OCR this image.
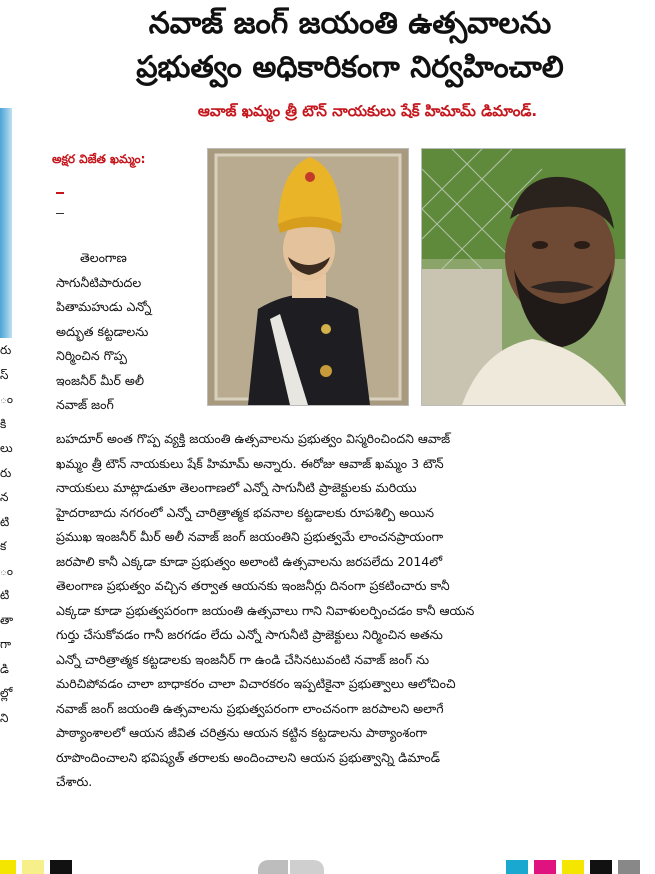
నవాజ్ జంగ్ జయంతి ఉత్సవాలను
ప్రభుత్వం అధికారికంగా నిర్వహించాలి
ఆవాజ్ ఖమ్మం త్రీ టౌన్ నాయకులు షేక్ హిమామ్ డిమాండ్.
అక్షర విజేత ఖమ్మం:
రు
స్
ం
కి
లు
రు
న
టి
క
ం
టి
తా
గా
డి
ల్లో
ని
తెలంగాణ
సాగునీటిపారుదల
పితామహుడు ఎన్నో
అద్భుత కట్టడాలను
నిర్మించిన గొప్ప
ఇంజనీర్ మీర్ అలీ
నవాజ్ జంగ్
బహదూర్ అంత గొప్ప వ్యక్తి జయంతి ఉత్సవాలను ప్రభుత్వం విస్మరించిందని ఆవాజ్
ఖమ్మం త్రీ టౌన్ నాయకులు షేక్ హిమామ్ అన్నారు. ఈరోజు ఆవాజ్ ఖమ్మం 3 టౌన్
నాయకులు మాట్లాడుతూ తెలంగాణలో ఎన్నో సాగునీటి ప్రాజెక్టులకు మరియు
హైదరాబాదు నగరంలో ఎన్నో చారిత్రాత్మక భవనాల కట్టడాలకు రూపశిల్పి అయిన
ప్రముఖ ఇంజనీర్ మీర్ అలీ నవాజ్ జంగ్ జయంతిని ప్రభుత్వమే లాంచనప్రాయంగా
జరపాలి కానీ ఎక్కడా కూడా ప్రభుత్వం అలాంటి ఉత్సవాలను జరపలేదు 2014లో
తెలంగాణ ప్రభుత్వం వచ్చిన తర్వాత ఆయనకు ఇంజనీర్లు దినంగా ప్రకటించారు కానీ
ఎక్కడా కూడా ప్రభుత్వపరంగా జయంతి ఉత్సవాలు గాని నివాళులర్పించడం కానీ ఆయన
గుర్తు చేసుకోవడం గానీ జరగడం లేదు ఎన్నో సాగునీటి ప్రాజెక్టులు నిర్మించిన అతను
ఎన్నో చారిత్రాత్మక కట్టడాలకు ఇంజనీర్ గా ఉండి చేసినటువంటి నవాజ్ జంగ్ ను
మరిచిపోవడం చాలా బాధాకరం చాలా విచారకరం ఇప్పటికైనా ప్రభుత్వాలు ఆలోచించి
నవాజ్ జంగ్ జయంతి ఉత్సవాలను ప్రభుత్వపరంగా లాంచనంగా జరపాలని అలాగే
పాఠ్యాంశాలలో ఆయన జీవిత చరిత్రను ఆయన కట్టిన కట్టడాలను పాఠ్యాంశంగా
రూపొందించాలని భవిష్యత్ తరాలకు అందించాలని ఆయన ప్రభుత్వాన్ని డిమాండ్
చేశారు.
